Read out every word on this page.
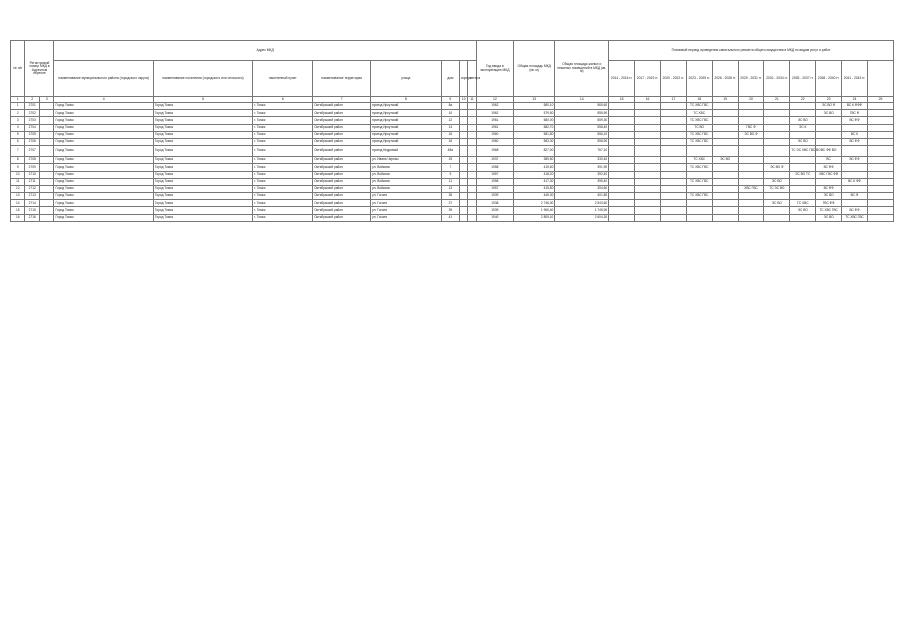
№ п/п	Регистровый номер МКД в Адресном перечне		Адрес МКД								Год ввода в эксплуатацию МКД	Общая площадь МКД (кв. м)	Общая площадь жилых и нежилых помещений в МКД (кв. м)	Плановый период проведения капитального ремонта общего имущества в МКД по видам услуг и работ										
			наименование муниципального района (городского округа)	наименование поселения (городского или сельского)	населенный пункт	наименование территории	улица	дом	корпус	литера				2014 - 2016 гг.	2017 - 2019 гг.	2020 - 2022 гг.	2023 - 2025 гг.	2026 - 2028 гг.	2029 - 2031 гг.	2032 - 2034 гг.	2035 - 2037 гг.	2038 - 2040 гг.	2041 - 2043 гг.	
1	2	3	4	5	6	7	8	9	10	11	12	13	14	15	16	17	18	19	20	21	22	23	24	25
1	2701		Город Томск	Город Томск	г. Томск	Октябрьский район	проезд Иркутский	8а			1962	580,10	565,60				ТС ХВС ГВС					ЭС ВО Ф	ВС К ФФФ	
2	2702		Город Томск	Город Томск	г. Томск	Октябрьский район	проезд Иркутский	10			1962	579,50	555,90				ТС ХВС					ЭС ВО	ГВС Ф	
3	2703		Город Томск	Город Томск	г. Томск	Октябрьский район	проезд Иркутский	12			1961	580,00	559,30				ТС ХВС ГВС				ЭС ВО		ВС ФФ	
4	2704		Город Томск	Город Томск	г. Томск	Октябрьский район	проезд Иркутский	14			1961	582,70	558,40				ТС ВО		ГВС Ф		ЭС К			
5	2705		Город Томск	Город Томск	г. Томск	Октябрьский район	проезд Иркутский	16			1960	581,80	556,10				ТС ХВС ГВС		ЭС ВО Ф				ВС К	
6	2706		Город Томск	Город Томск	г. Томск	Октябрьский район	проезд Иркутский	18			1960	583,30	558,90				ТС ХВС ГВС				ЭС ВО		ВС ФФ	
7	2707		Город Томск	Город Томск	г. Томск	Октябрьский район	проезд Кедровый	48а			1968	827,00	767,10								ТС ЭС ХВС ГВС ВО	ВС ФФ ВО		
8	2708		Город Томск	Город Томск	г. Томск	Октябрьский район	ул. Ивана Черных	25			1937	389,80	330,40				ТС ХВС	ЭС ВО				ВС	ВС ФФ	
9	2709		Город Томск	Город Томск	г. Томск	Октябрьский район	ул. Войкова	7			1958	415,60	391,90				ТС ХВС ГВС			ЭС ВО Ф		ВС ФФ		
10	2710		Город Томск	Город Томск	г. Томск	Октябрьский район	ул. Войкова	9			1957	418,20	392,40								ЭС ВО ТС	ХВС ГВС ФФ		
11	2711		Город Томск	Город Томск	г. Томск	Октябрьский район	ул. Войкова	11			1958	417,30	395,40				ТС ХВС ГВС			ЭС ВО			ВС К ФФ	
12	2712		Город Томск	Город Томск	г. Томск	Октябрьский район	ул. Войкова	13			1957	415,80	394,60						ХВС ГВС	ТС ЭС ВО		ВС ФФ		
13	2713		Город Томск	Город Томск	г. Томск	Октябрьский район	ул. Гоголя	35			1939	445,30	401,80				ТС ХВС ГВС					ЭС ВО	ВС Ф	
14	2714		Город Томск	Город Томск	г. Томск	Октябрьский район	ул. Гоголя	37			1938	2 746,00	2 543,60							ЭС ВО	ТС ХВС	ГВС ФФ		
15	2715		Город Томск	Город Томск	г. Томск	Октябрьский район	ул. Гоголя	39			1939	1 906,40	1 745,90								ЭС ВО	ТС ХВС ГВС	ВС ФФ	
16	2716		Город Томск	Город Томск	г. Томск	Октябрьский район	ул. Гоголя	41			1940	2 809,10	2 604,30									ЭС ВО	ТС ХВС ГВС	
